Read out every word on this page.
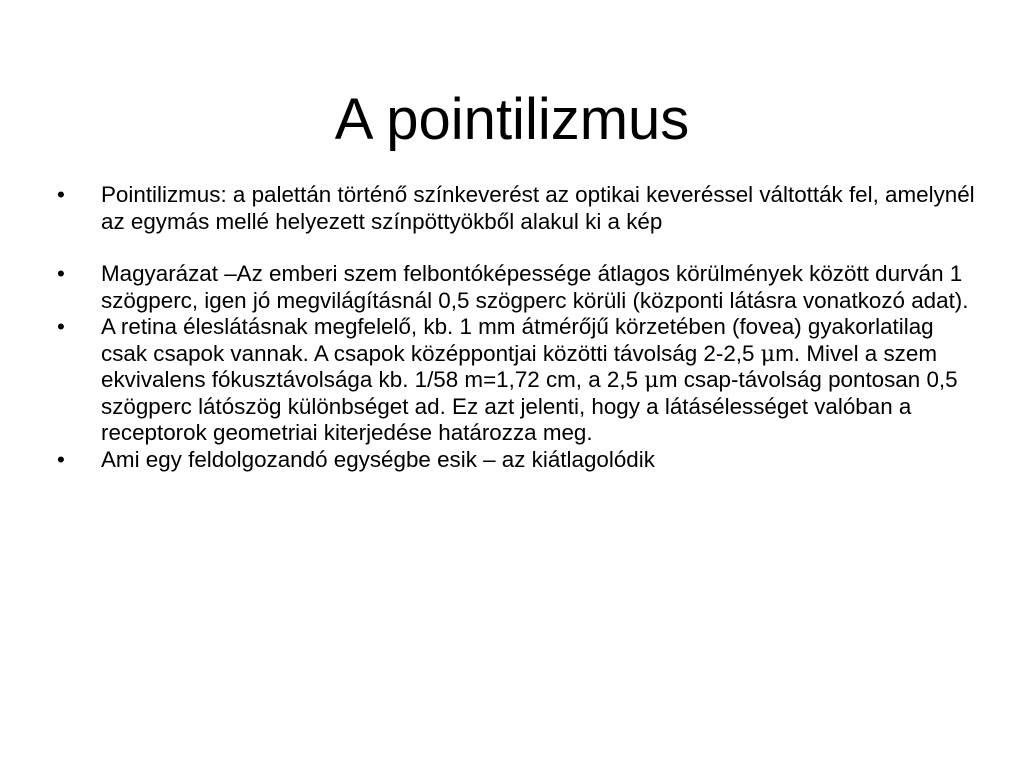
A pointilizmus
•	Pointilizmus: a palettán történő színkeverést az optikai keveréssel váltották fel, amelynél az egymás mellé helyezett színpöttyökből alakul ki a kép
•	Magyarázat –Az emberi szem felbontóképessége átlagos körülmények között durván 1 szögperc, igen jó megvilágításnál 0,5 szögperc körüli (központi látásra vonatkozó adat).
•	A retina éleslátásnak megfelelő, kb. 1 mm átmérőjű körzetében (fovea) gyakorlatilag csak csapok vannak. A csapok középpontjai közötti távolság 2-2,5 μm. Mivel a szem ekvivalens fókusztávolsága kb. 1/58 m=1,72 cm, a 2,5 μm csap-távolság pontosan 0,5 szögperc látószög különbséget ad. Ez azt jelenti, hogy a látásélességet valóban a receptorok geometriai kiterjedése határozza meg.
•	Ami egy feldolgozandó egységbe esik – az kiátlagolódik
